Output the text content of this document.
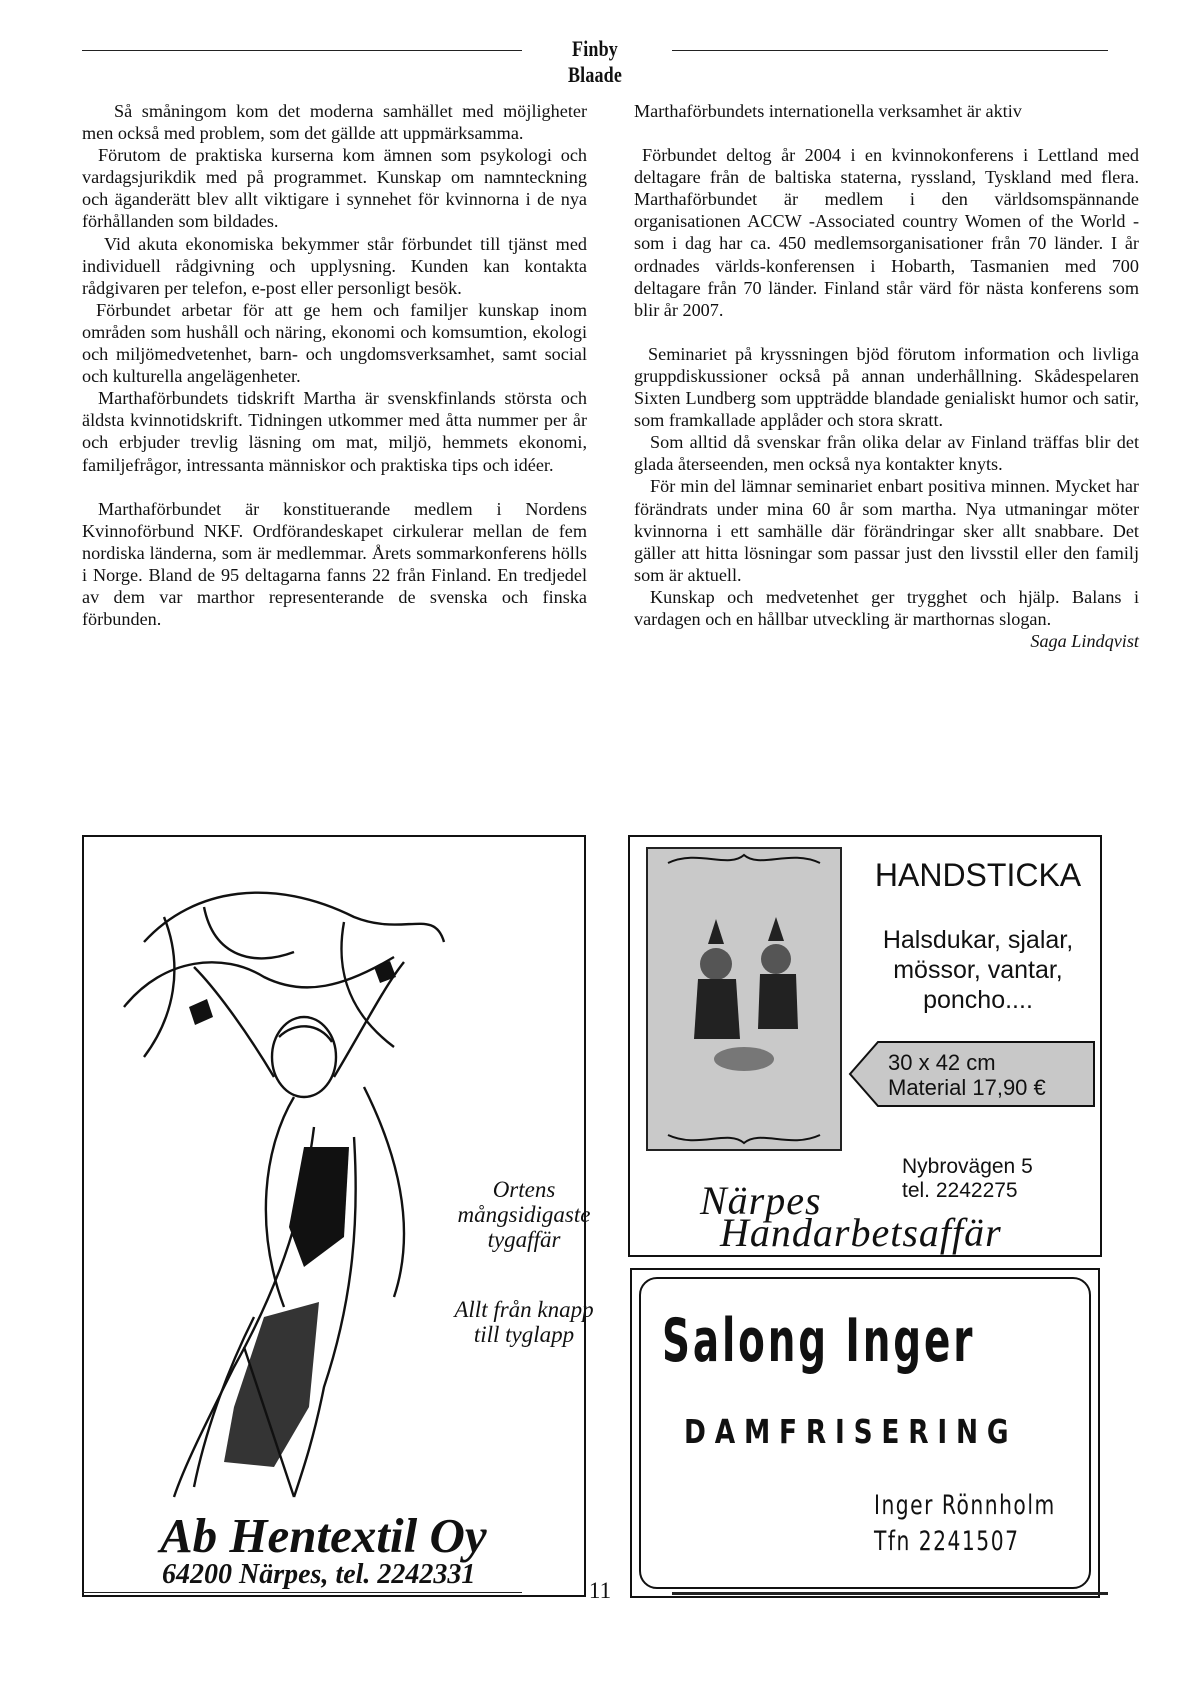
Finby Blaade

Så småningom kom det moderna samhället med möjligheter men också med problem, som det gällde att uppmärksamma.

Förutom de praktiska kurserna kom ämnen som psykologi och vardagsjurikdik med på programmet. Kunskap om namnteckning och äganderätt blev allt viktigare i synnehet för kvinnorna i de nya förhållanden som bildades.

Vid akuta ekonomiska bekymmer står förbundet till tjänst med individuell rådgivning och upplysning. Kunden kan kontakta rådgivaren per telefon, e-post eller personligt besök.

Förbundet arbetar för att ge hem och familjer kunskap inom områden som hushåll och näring, ekonomi och komsumtion, ekologi och miljömedvetenhet, barn- och ungdomsverksamhet, samt social och kulturella angelägenheter.

Marthaförbundets tidskrift Martha är svenskfinlands största och äldsta kvinnotidskrift. Tidningen utkommer med åtta nummer per år och erbjuder trevlig läsning om mat, miljö, hemmets ekonomi, familjefrågor, intressanta människor och praktiska tips och idéer.

Marthaförbundet är konstituerande medlem i Nordens Kvinnoförbund NKF. Ordförandeskapet cirkulerar mellan de fem nordiska länderna, som är medlemmar. Årets sommarkonferens hölls i Norge. Bland de 95 deltagarna fanns 22 från Finland. En tredjedel av dem var marthor representerande de svenska och finska förbunden.

Marthaförbundets internationella verksamhet är aktiv

Förbundet deltog år 2004 i en kvinnokonferens i Lettland med deltagare från de baltiska staterna, ryssland, Tyskland med flera. Marthaförbundet är medlem i den världsomspännande organisationen ACCW -Associated country Women of the World - som i dag har ca. 450 medlemsorganisationer från 70 länder. I år ordnades världs-konferensen i Hobarth, Tasmanien med 700 deltagare från 70 länder. Finland står värd för nästa konferens som blir år 2007.

Seminariet på kryssningen bjöd förutom information och livliga gruppdiskussioner också på annan underhållning. Skådespelaren Sixten Lundberg som uppträdde blandade genialiskt humor och satir, som framkallade applåder och stora skratt.

Som alltid då svenskar från olika delar av Finland träffas blir det glada återseenden, men också nya kontakter knyts.

För min del lämnar seminariet enbart positiva minnen. Mycket har förändrats under mina 60 år som martha. Nya utmaningar möter kvinnorna i ett samhälle där förändringar sker allt snabbare. Det gäller att hitta lösningar som passar just den livsstil eller den familj som är aktuell.

Kunskap och medvetenhet ger trygghet och hjälp. Balans i vardagen och en hållbar utveckling är marthornas slogan.

Saga Lindqvist
Ortens
mångsidigaste
tygaffär
Allt från knapp
till tyglapp
Ab Hentextil Oy
64200 Närpes, tel. 2242331
HANDSTICKA
Halsdukar, sjalar,
mössor, vantar,
poncho....
30 x 42 cm
Material 17,90 €
Nybrovägen 5
tel. 2242275
Närpes
Handarbetsaffär
Salong Inger
DAMFRISERING
Inger Rönnholm
Tfn 2241507
11
